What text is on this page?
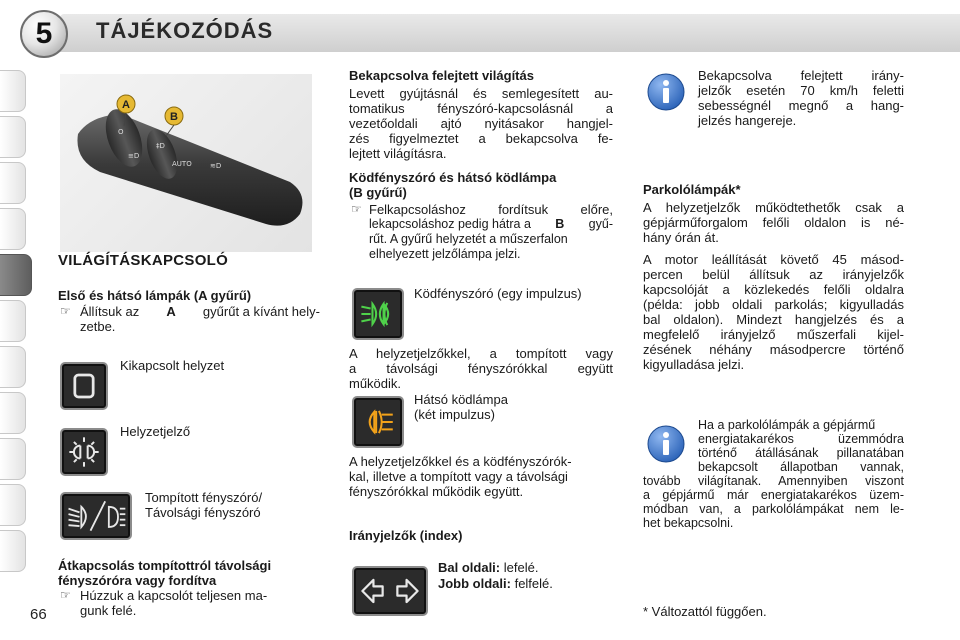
5	TÁJÉKOZÓDÁS
66
O
≡D
‡D
AUTO	≋D
A
B
VILÁGÍTÁSKAPCSOLÓ
Első és hátsó lámpák (A gyűrű)
☞ Állítsuk az A gyűrűt a kívánt hely-
zetbe.
Kikapcsolt helyzet
Helyzetjelző
Tompított fényszóró/
Távolsági fényszóró
Átkapcsolás tompítottról távolsági
fényszóróra vagy fordítva
☞ Húzzuk a kapcsolót teljesen ma-
gunk felé.
Bekapcsolva felejtett világítás
Levett gyújtásnál és semlegesített au-
tomatikus fényszóró-kapcsolásnál a
vezetőoldali ajtó nyitásakor hangjel-
zés figyelmeztet a bekapcsolva fe-
lejtett világításra.
Ködfényszóró és hátsó ködlámpa
(B gyűrű)
☞ Felkapcsoláshoz fordítsuk előre,
lekapcsoláshoz pedig hátra a B gyű-
rűt. A gyűrű helyzetét a műszerfalon
elhelyezett jelzőlámpa jelzi.
Ködfényszóró (egy impulzus)
A helyzetjelzőkkel, a tompított vagy
a távolsági fényszórókkal együtt
működik.
Hátsó ködlámpa
(két impulzus)
A helyzetjelzőkkel és a ködfényszórók-
kal, illetve a tompított vagy a távolsági
fényszórókkal működik együtt.
Irányjelzők (index)
Bal oldali: lefelé.
Jobb oldali: felfelé.
Bekapcsolva felejtett irány-
jelzők esetén 70 km/h feletti
sebességnél megnő a hang-
jelzés hangereje.
Parkolólámpák*
A helyzetjelzők működtethetők csak a
gépjárműforgalom felőli oldalon is né-
hány órán át.
A motor leállítását követő 45 másod-
percen belül állítsuk az irányjelzők
kapcsolóját a közlekedés felőli oldalra
(példa: jobb oldali parkolás; kigyulladás
bal oldalon). Mindezt hangjelzés és a
megfelelő irányjelző műszerfali kijel-
zésének néhány másodpercre történő
kigyulladása jelzi.
Ha a parkolólámpák a gépjármű
energiatakarékos üzemmódra
történő átállásának pillanatában
bekapcsolt állapotban vannak,
tovább világítanak. Amennyiben viszont
a gépjármű már energiatakarékos üzem-
módban van, a parkolólámpákat nem le-
het bekapcsolni.
* Változattól függően.
